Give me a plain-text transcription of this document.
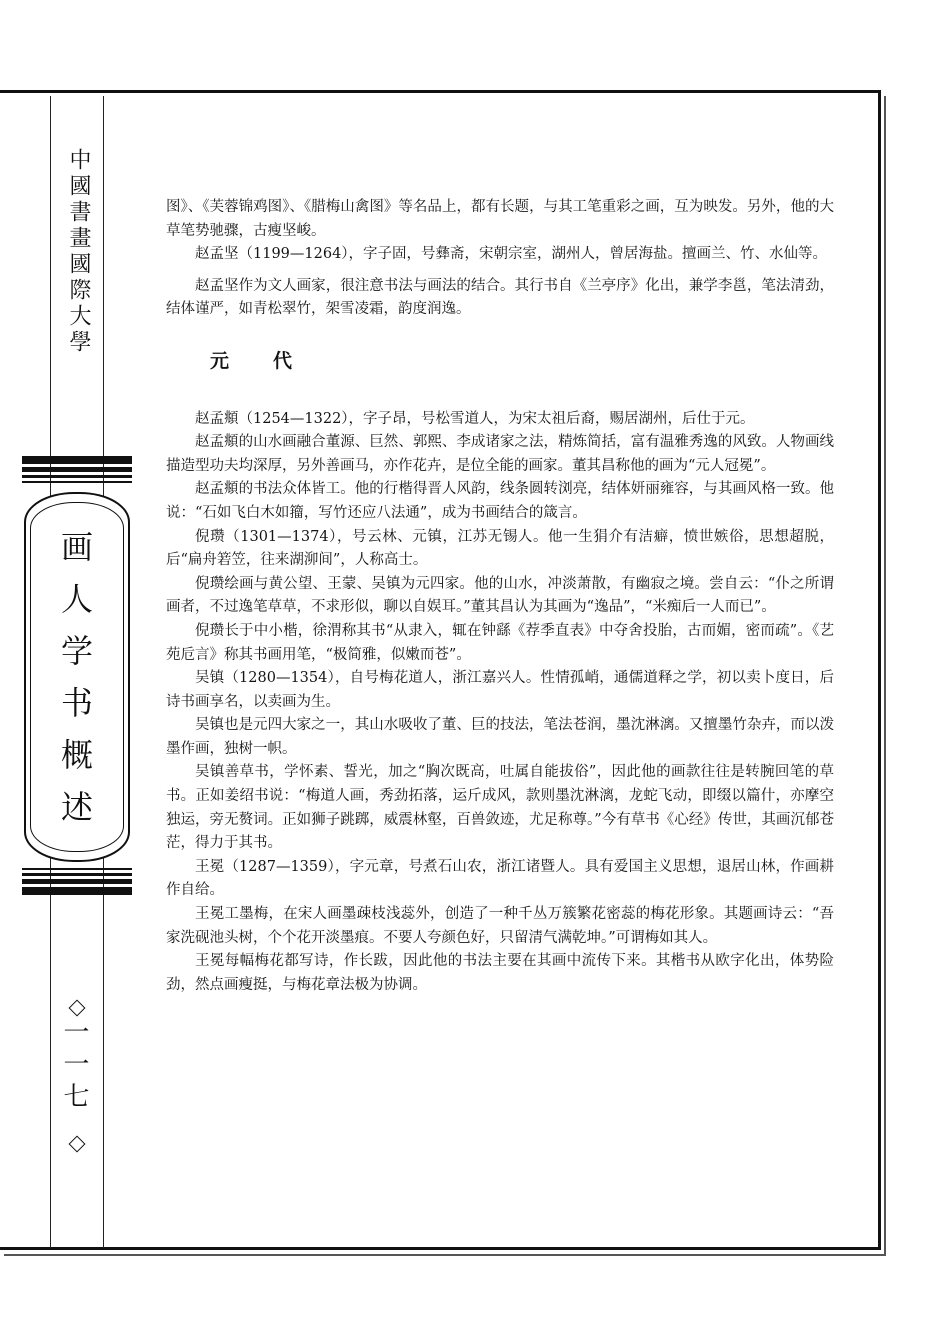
中國書畫國際大學
画人学书概述
一一七

图》、《芙蓉锦鸡图》、《腊梅山禽图》等名品上，都有长题，与其工笔重彩之画，互为映发。另外，他的大草笔势驰骤，古瘦坚峻。

赵孟坚（1199—1264），字子固，号彝斋，宋朝宗室，湖州人，曾居海盐。擅画兰、竹、水仙等。

赵孟坚作为文人画家，很注意书法与画法的结合。其行书自《兰亭序》化出，兼学李邕，笔法清劲，结体谨严，如青松翠竹，架雪凌霜，韵度润逸。

元代

赵孟頫（1254—1322），字子昂，号松雪道人，为宋太祖后裔，赐居湖州，后仕于元。

赵孟頫的山水画融合董源、巨然、郭熙、李成诸家之法，精炼简括，富有温雅秀逸的风致。人物画线描造型功夫均深厚，另外善画马，亦作花卉，是位全能的画家。董其昌称他的画为“元人冠冕”。

赵孟頫的书法众体皆工。他的行楷得晋人风韵，线条圆转浏亮，结体妍丽雍容，与其画风格一致。他说：“石如飞白木如籀，写竹还应八法通”，成为书画结合的箴言。

倪瓒（1301—1374），号云林、元镇，江苏无锡人。他一生狷介有洁癖，愤世嫉俗，思想超脱，后“扁舟箬笠，往来湖泖间”，人称高士。

倪瓒绘画与黄公望、王蒙、吴镇为元四家。他的山水，冲淡萧散，有幽寂之境。尝自云：“仆之所谓画者，不过逸笔草草，不求形似，聊以自娱耳。”董其昌认为其画为“逸品”，“米痴后一人而已”。

倪瓒长于中小楷，徐渭称其书“从隶入，辄在钟繇《荐季直表》中夺舍投胎，古而媚，密而疏”。《艺苑卮言》称其书画用笔，“极简雅，似嫩而苍”。

吴镇（1280—1354），自号梅花道人，浙江嘉兴人。性情孤峭，通儒道释之学，初以卖卜度日，后诗书画享名，以卖画为生。

吴镇也是元四大家之一，其山水吸收了董、巨的技法，笔法苍润，墨沈淋漓。又擅墨竹杂卉，而以泼墨作画，独树一帜。

吴镇善草书，学怀素、誓光，加之“胸次既高，吐属自能拔俗”，因此他的画款往往是转腕回笔的草书。正如姜绍书说：“梅道人画，秀劲拓落，运斤成风，款则墨沈淋漓，龙蛇飞动，即缀以篇什，亦摩空独运，旁无赘词。正如狮子跳踯，威震林壑，百兽敛迹，尤足称尊。”今有草书《心经》传世，其画沉郁苍茫，得力于其书。

王冕（1287—1359），字元章，号煮石山农，浙江诸暨人。具有爱国主义思想，退居山林，作画耕作自给。

王冕工墨梅，在宋人画墨疎枝浅蕊外，创造了一种千丛万簇繁花密蕊的梅花形象。其题画诗云：“吾家洗砚池头树，个个花开淡墨痕。不要人夸颜色好，只留清气满乾坤。”可谓梅如其人。

王冕每幅梅花都写诗，作长跋，因此他的书法主要在其画中流传下来。其楷书从欧字化出，体势险劲，然点画瘦挺，与梅花章法极为协调。
